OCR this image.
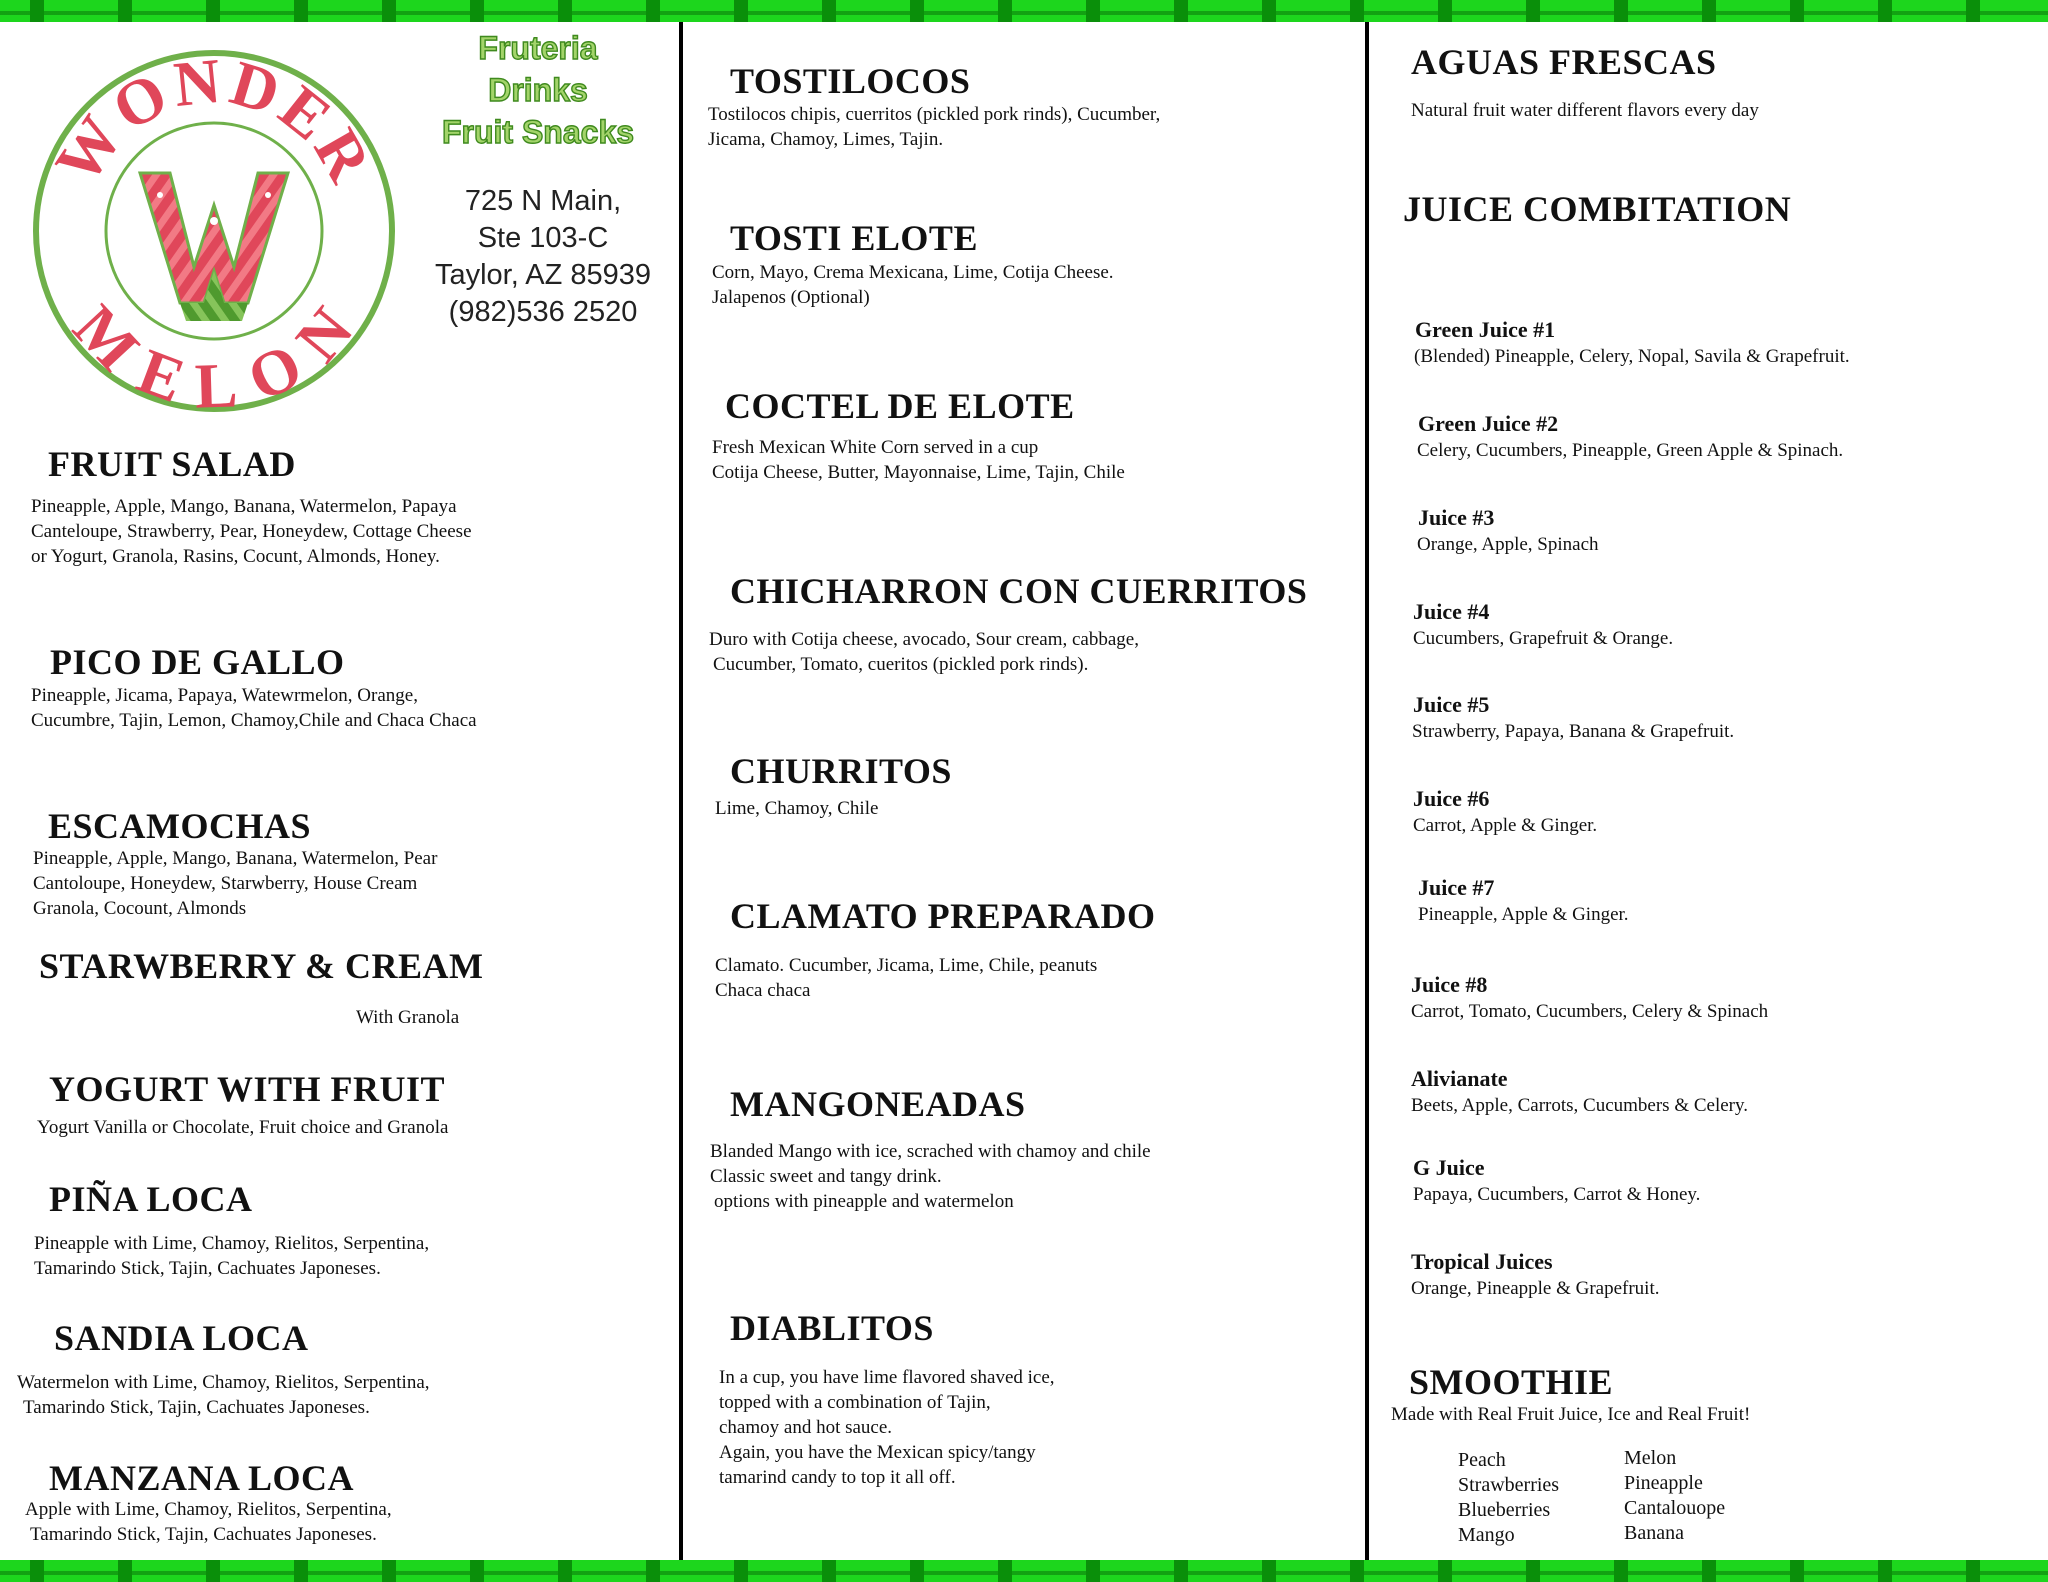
WONDER
MELON
Fruteria
Drinks
Fruit Snacks
725 N Main,
Ste 103-C
Taylor, AZ 85939
(982)536 2520
FRUIT SALAD
Pineapple, Apple, Mango, Banana, Watermelon, Papaya
Canteloupe, Strawberry, Pear, Honeydew, Cottage Cheese
or Yogurt, Granola, Rasins, Cocunt, Almonds, Honey.
PICO DE GALLO
Pineapple, Jicama, Papaya, Watewrmelon, Orange,
Cucumbre, Tajin, Lemon, Chamoy,Chile and Chaca Chaca
ESCAMOCHAS
Pineapple, Apple, Mango, Banana, Watermelon, Pear
Cantoloupe, Honeydew, Starwberry, House Cream
Granola, Cocount, Almonds
STARWBERRY & CREAM
With Granola
YOGURT WITH FRUIT
Yogurt Vanilla or Chocolate, Fruit choice and Granola
PIÑA LOCA
Pineapple with Lime, Chamoy, Rielitos, Serpentina,
Tamarindo Stick, Tajin, Cachuates Japoneses.
SANDIA LOCA
Watermelon with Lime, Chamoy, Rielitos, Serpentina,
Tamarindo Stick, Tajin, Cachuates Japoneses.
MANZANA LOCA
Apple with Lime, Chamoy, Rielitos, Serpentina,
Tamarindo Stick, Tajin, Cachuates Japoneses.
TOSTILOCOS
Tostilocos chipis, cuerritos (pickled pork rinds), Cucumber,
Jicama, Chamoy, Limes, Tajin.
TOSTI ELOTE
Corn, Mayo, Crema Mexicana, Lime, Cotija Cheese.
Jalapenos (Optional)
COCTEL DE ELOTE
Fresh Mexican White Corn served in a cup
Cotija Cheese, Butter, Mayonnaise, Lime, Tajin, Chile
CHICHARRON CON CUERRITOS
Duro with Cotija cheese, avocado, Sour cream, cabbage,
Cucumber, Tomato, cueritos (pickled pork rinds).
CHURRITOS
Lime, Chamoy, Chile
CLAMATO PREPARADO
Clamato. Cucumber, Jicama, Lime, Chile, peanuts
Chaca chaca
MANGONEADAS
Blanded Mango with ice, scrached with chamoy and chile
Classic sweet and tangy drink.
options with pineapple and watermelon
DIABLITOS
In a cup, you have lime flavored shaved ice,
topped with a combination of Tajin,
chamoy and hot sauce.
Again, you have the Mexican spicy/tangy
tamarind candy to top it all off.
AGUAS FRESCAS
Natural fruit water different flavors every day
JUICE COMBITATION
Green Juice #1
(Blended) Pineapple, Celery, Nopal, Savila & Grapefruit.
Green Juice #2
Celery, Cucumbers, Pineapple, Green Apple & Spinach.
Juice #3
Orange, Apple, Spinach
Juice #4
Cucumbers, Grapefruit & Orange.
Juice #5
Strawberry, Papaya, Banana & Grapefruit.
Juice #6
Carrot, Apple & Ginger.
Juice #7
Pineapple, Apple & Ginger.
Juice #8
Carrot, Tomato, Cucumbers, Celery & Spinach
Alivianate
Beets, Apple, Carrots, Cucumbers & Celery.
G Juice
Papaya, Cucumbers, Carrot & Honey.
Tropical Juices
Orange, Pineapple & Grapefruit.
SMOOTHIE
Made with Real Fruit Juice, Ice and Real Fruit!
Peach
Strawberries
Blueberries
Mango
Melon
Pineapple
Cantalouope
Banana
